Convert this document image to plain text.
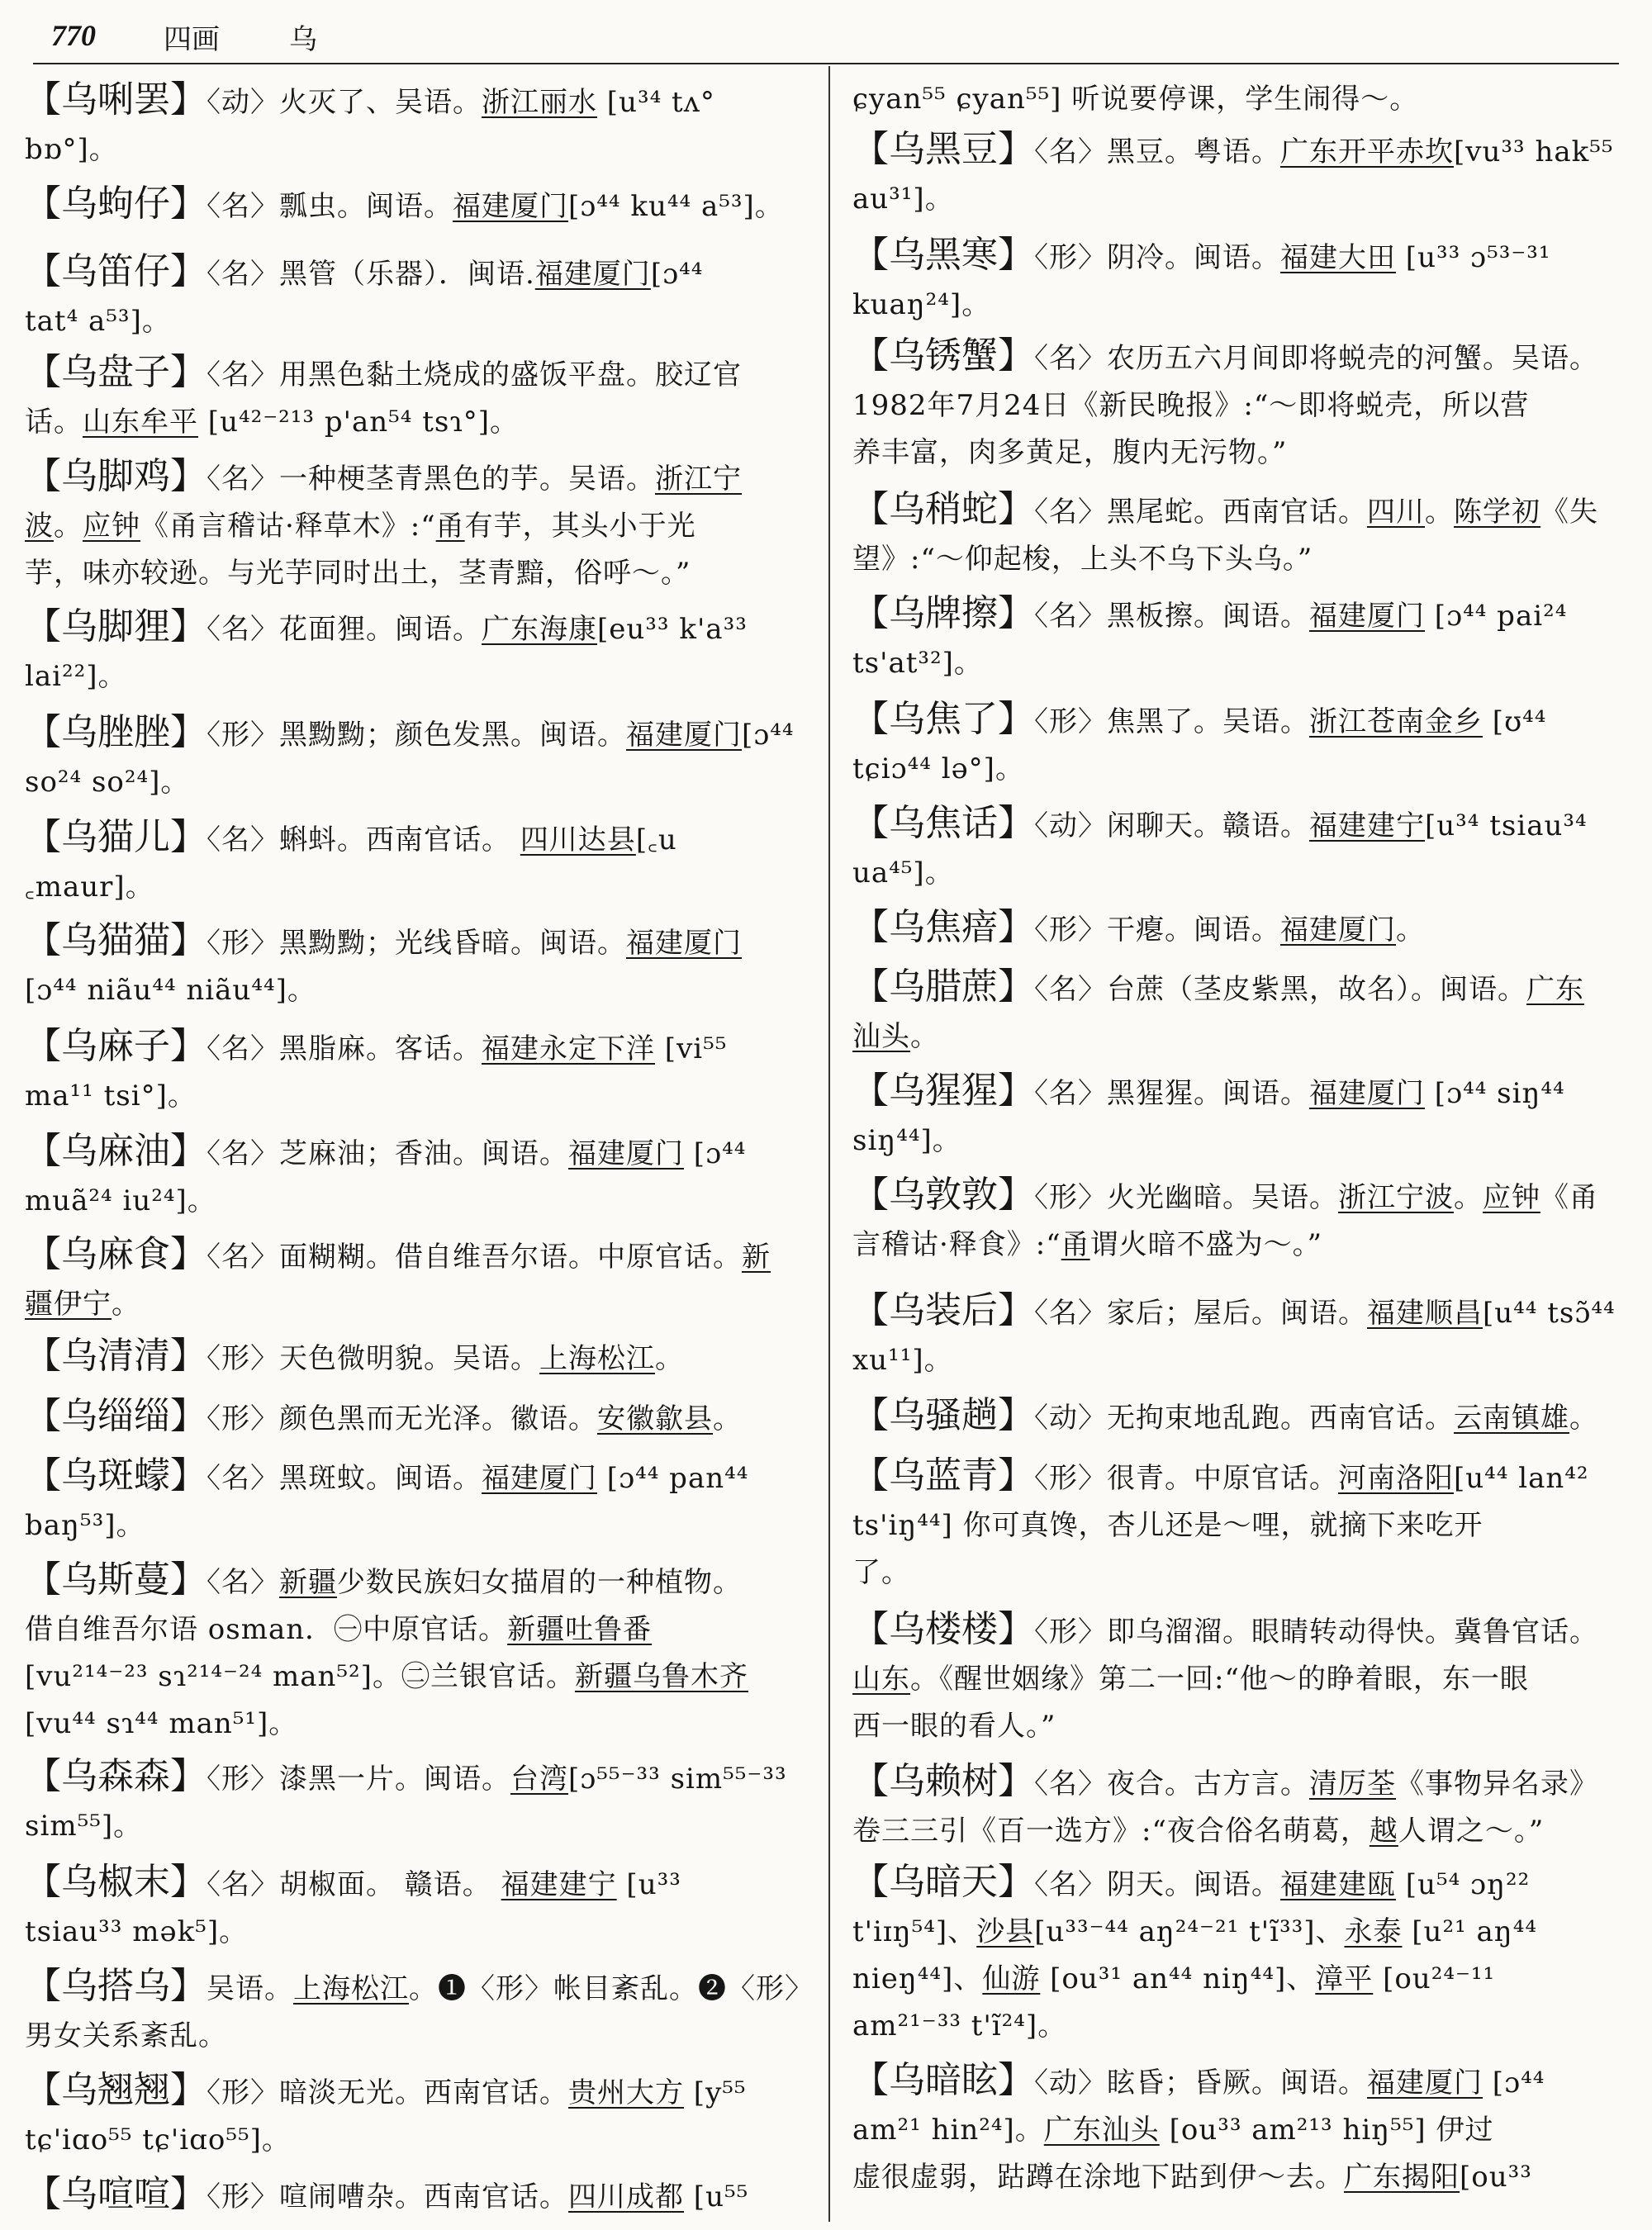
770 四画 乌
【乌唎罢】〈动〉火灭了、吴语。浙江丽水 [u³⁴ tʌ°
bɒ°]。
【乌蚼仔】〈名〉瓢虫。闽语。福建厦门[ɔ⁴⁴ ku⁴⁴ a⁵³]。
【乌笛仔】〈名〉黑管（乐器）．闽语.福建厦门[ɔ⁴⁴
tat⁴ a⁵³]。
【乌盘子】〈名〉用黑色黏土烧成的盛饭平盘。胶辽官
话。山东牟平 [u⁴²⁻²¹³ p'an⁵⁴ tsɿ°]。
【乌脚鸡】〈名〉一种梗茎青黑色的芋。吴语。浙江宁
波。应钟《甬言稽诂·释草木》:“甬有芋，其头小于光
芋，味亦较逊。与光芋同时出土，茎青黯，俗呼～。”
【乌脚狸】〈名〉花面狸。闽语。广东海康[eu³³ k'a³³
lai²²]。
【乌脞脞】〈形〉黑黝黝；颜色发黑。闽语。福建厦门[ɔ⁴⁴
so²⁴ so²⁴]。
【乌猫儿】〈名〉蝌蚪。西南官话。 四川达县[꜀u
꜀maur]。
【乌猫猫】〈形〉黑黝黝；光线昏暗。闽语。福建厦门
[ɔ⁴⁴ niãu⁴⁴ niãu⁴⁴]。
【乌麻子】〈名〉黑脂麻。客话。福建永定下洋 [vi⁵⁵
ma¹¹ tsi°]。
【乌麻油】〈名〉芝麻油；香油。闽语。福建厦门 [ɔ⁴⁴
muã²⁴ iu²⁴]。
【乌麻食】〈名〉面糊糊。借自维吾尔语。中原官话。新
疆伊宁。
【乌清清】〈形〉天色微明貌。吴语。上海松江。
【乌缁缁】〈形〉颜色黑而无光泽。徽语。安徽歙县。
【乌斑蠓】〈名〉黑斑蚊。闽语。福建厦门 [ɔ⁴⁴ pan⁴⁴
baŋ⁵³]。
【乌斯蔓】〈名〉新疆少数民族妇女描眉的一种植物。
借自维吾尔语 osman．㊀中原官话。新疆吐鲁番
[vu²¹⁴⁻²³ sɿ²¹⁴⁻²⁴ man⁵²]。㊁兰银官话。新疆乌鲁木齐
[vu⁴⁴ sɿ⁴⁴ man⁵¹]。
【乌森森】〈形〉漆黑一片。闽语。台湾[ɔ⁵⁵⁻³³ sim⁵⁵⁻³³
sim⁵⁵]。
【乌椒末】〈名〉胡椒面。 赣语。 福建建宁 [u³³
tsiau³³ mək⁵]。
【乌搭乌】吴语。上海松江。❶〈形〉帐目紊乱。❷〈形〉
男女关系紊乱。
【乌翘翘】〈形〉暗淡无光。西南官话。贵州大方 [y⁵⁵
tɕ'iɑo⁵⁵ tɕ'iɑo⁵⁵]。
【乌喧喧】〈形〉喧闹嘈杂。西南官话。四川成都 [u⁵⁵
ɕyan⁵⁵ ɕyan⁵⁵] 听说要停课，学生闹得～。
【乌黑豆】〈名〉黑豆。粤语。广东开平赤坎[vu³³ hak⁵⁵
au³¹]。
【乌黑寒】〈形〉阴冷。闽语。福建大田 [u³³ ɔ⁵³⁻³¹
kuaŋ²⁴]。
【乌锈蟹】〈名〉农历五六月间即将蜕壳的河蟹。吴语。
1982年7月24日《新民晚报》:“～即将蜕壳，所以营
养丰富，肉多黄足，腹内无污物。”
【乌稍蛇】〈名〉黑尾蛇。西南官话。四川。陈学初《失
望》:“～仰起梭，上头不乌下头乌。”
【乌牌擦】〈名〉黑板擦。闽语。福建厦门 [ɔ⁴⁴ pai²⁴
ts'at³²]。
【乌焦了】〈形〉焦黑了。吴语。浙江苍南金乡 [ʊ⁴⁴
tɕiɔ⁴⁴ lə°]。
【乌焦话】〈动〉闲聊天。赣语。福建建宁[u³⁴ tsiau³⁴
ua⁴⁵]。
【乌焦瘖】〈形〉干瘪。闽语。福建厦门。
【乌腊蔗】〈名〉台蔗（茎皮紫黑，故名）。闽语。广东
汕头。
【乌猩猩】〈名〉黑猩猩。闽语。福建厦门 [ɔ⁴⁴ siŋ⁴⁴
siŋ⁴⁴]。
【乌敦敦】〈形〉火光幽暗。吴语。浙江宁波。应钟《甬
言稽诂·释食》:“甬谓火暗不盛为～。”
【乌装后】〈名〉家后；屋后。闽语。福建顺昌[u⁴⁴ tsɔ̃⁴⁴
xu¹¹]。
【乌骚趟】〈动〉无拘束地乱跑。西南官话。云南镇雄。
【乌蓝青】〈形〉很青。中原官话。河南洛阳[u⁴⁴ lan⁴²
ts'iŋ⁴⁴] 你可真馋，杏儿还是～哩，就摘下来吃开
了。
【乌楼楼】〈形〉即乌溜溜。眼睛转动得快。冀鲁官话。
山东。《醒世姻缘》第二一回:“他～的睁着眼，东一眼
西一眼的看人。”
【乌赖树】〈名〉夜合。古方言。清厉荃《事物异名录》
卷三三引《百一选方》:“夜合俗名萌葛，越人谓之～。”
【乌暗天】〈名〉阴天。闽语。福建建瓯 [u⁵⁴ ɔŋ²²
t'iɪŋ⁵⁴]、沙县[u³³⁻⁴⁴ aŋ²⁴⁻²¹ t'ĩ³³]、永泰 [u²¹ aŋ⁴⁴
nieŋ⁴⁴]、仙游 [ou³¹ an⁴⁴ niŋ⁴⁴]、漳平 [ou²⁴⁻¹¹
am²¹⁻³³ t'ĩ²⁴]。
【乌暗眩】〈动〉眩昏；昏厥。闽语。福建厦门 [ɔ⁴⁴
am²¹ hin²⁴]。广东汕头 [ou³³ am²¹³ hiŋ⁵⁵] 伊过
虚很虚弱，跍蹲在涂地下跍到伊～去。广东揭阳[ou³³
